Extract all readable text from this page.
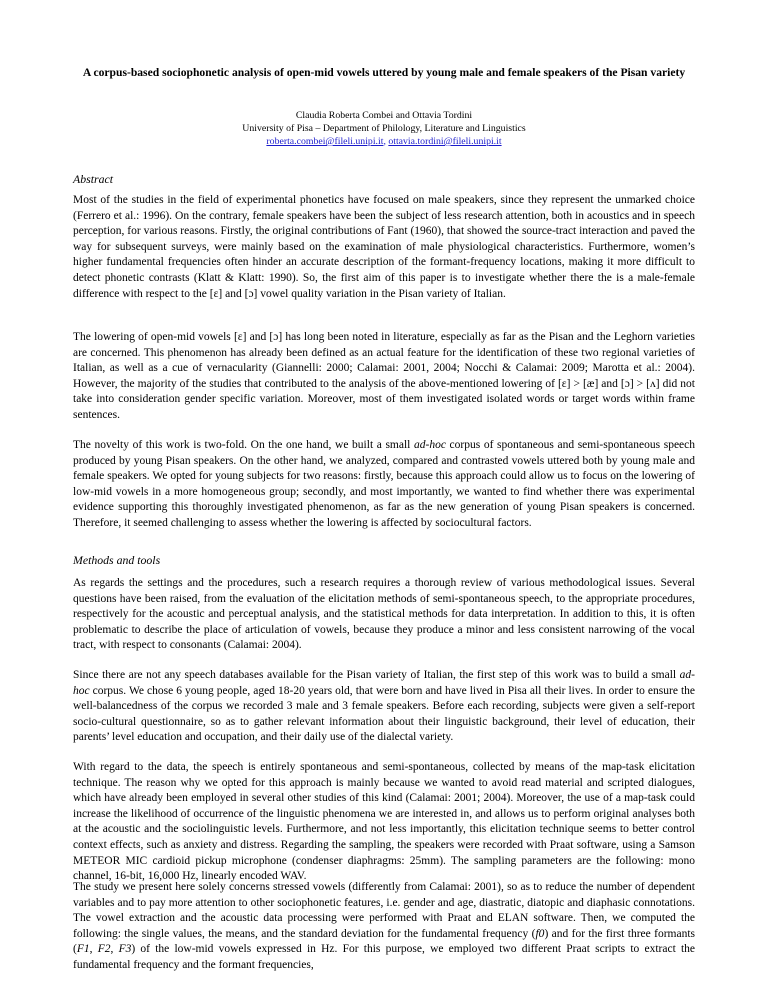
A corpus-based sociophonetic analysis of open-mid vowels uttered by young male and female speakers of the Pisan variety
Claudia Roberta Combei and Ottavia Tordini
University of Pisa – Department of Philology, Literature and Linguistics
roberta.combei@fileli.unipi.it, ottavia.tordini@fileli.unipi.it
Abstract

Most of the studies in the field of experimental phonetics have focused on male speakers, since they represent the unmarked choice (Ferrero et al.: 1996). On the contrary, female speakers have been the subject of less research attention, both in acoustics and in speech perception, for various reasons. Firstly, the original contributions of Fant (1960), that showed the source-tract interaction and paved the way for subsequent surveys, were mainly based on the examination of male physiological characteristics. Furthermore, women’s higher fundamental frequencies often hinder an accurate description of the formant-frequency locations, making it more difficult to detect phonetic contrasts (Klatt & Klatt: 1990). So, the first aim of this paper is to investigate whether there the is a male-female difference with respect to the [ɛ] and [ɔ] vowel quality variation in the Pisan variety of Italian.

The lowering of open-mid vowels [ɛ] and [ɔ] has long been noted in literature, especially as far as the Pisan and the Leghorn varieties are concerned. This phenomenon has already been defined as an actual feature for the identification of these two regional varieties of Italian, as well as a cue of vernacularity (Giannelli: 2000; Calamai: 2001, 2004; Nocchi & Calamai: 2009; Marotta et al.: 2004). However, the majority of the studies that contributed to the analysis of the above-mentioned lowering of [ɛ] > [æ] and [ɔ] > [ʌ] did not take into consideration gender specific variation. Moreover, most of them investigated isolated words or target words within frame sentences.

The novelty of this work is two-fold. On the one hand, we built a small ad-hoc corpus of spontaneous and semi-spontaneous speech produced by young Pisan speakers. On the other hand, we analyzed, compared and contrasted vowels uttered both by young male and female speakers. We opted for young subjects for two reasons: firstly, because this approach could allow us to focus on the lowering of low-mid vowels in a more homogeneous group; secondly, and most importantly, we wanted to find whether there was experimental evidence supporting this thoroughly investigated phenomenon, as far as the new generation of young Pisan speakers is concerned. Therefore, it seemed challenging to assess whether the lowering is affected by sociocultural factors.

Methods and tools

As regards the settings and the procedures, such a research requires a thorough review of various methodological issues. Several questions have been raised, from the evaluation of the elicitation methods of semi-spontaneous speech, to the appropriate procedures, respectively for the acoustic and perceptual analysis, and the statistical methods for data interpretation. In addition to this, it is often problematic to describe the place of articulation of vowels, because they produce a minor and less consistent narrowing of the vocal tract, with respect to consonants (Calamai: 2004).

Since there are not any speech databases available for the Pisan variety of Italian, the first step of this work was to build a small ad-hoc corpus. We chose 6 young people, aged 18-20 years old, that were born and have lived in Pisa all their lives. In order to ensure the well-balancedness of the corpus we recorded 3 male and 3 female speakers. Before each recording, subjects were given a self-report socio-cultural questionnaire, so as to gather relevant information about their linguistic background, their level of education, their parents’ level education and occupation, and their daily use of the dialectal variety.

With regard to the data, the speech is entirely spontaneous and semi-spontaneous, collected by means of the map-task elicitation technique. The reason why we opted for this approach is mainly because we wanted to avoid read material and scripted dialogues, which have already been employed in several other studies of this kind (Calamai: 2001; 2004). Moreover, the use of a map-task could increase the likelihood of occurrence of the linguistic phenomena we are interested in, and allows us to perform original analyses both at the acoustic and the sociolinguistic levels. Furthermore, and not less importantly, this elicitation technique seems to better control context effects, such as anxiety and distress. Regarding the sampling, the speakers were recorded with Praat software, using a Samson METEOR MIC cardioid pickup microphone (condenser diaphragms: 25mm). The sampling parameters are the following: mono channel, 16-bit, 16,000 Hz, linearly encoded WAV.

The study we present here solely concerns stressed vowels (differently from Calamai: 2001), so as to reduce the number of dependent variables and to pay more attention to other sociophonetic features, i.e. gender and age, diastratic, diatopic and diaphasic connotations. The vowel extraction and the acoustic data processing were performed with Praat and ELAN software. Then, we computed the following: the single values, the means, and the standard deviation for the fundamental frequency (f0) and for the first three formants (F1, F2, F3) of the low-mid vowels expressed in Hz. For this purpose, we employed two different Praat scripts to extract the fundamental frequency and the formant frequencies,
